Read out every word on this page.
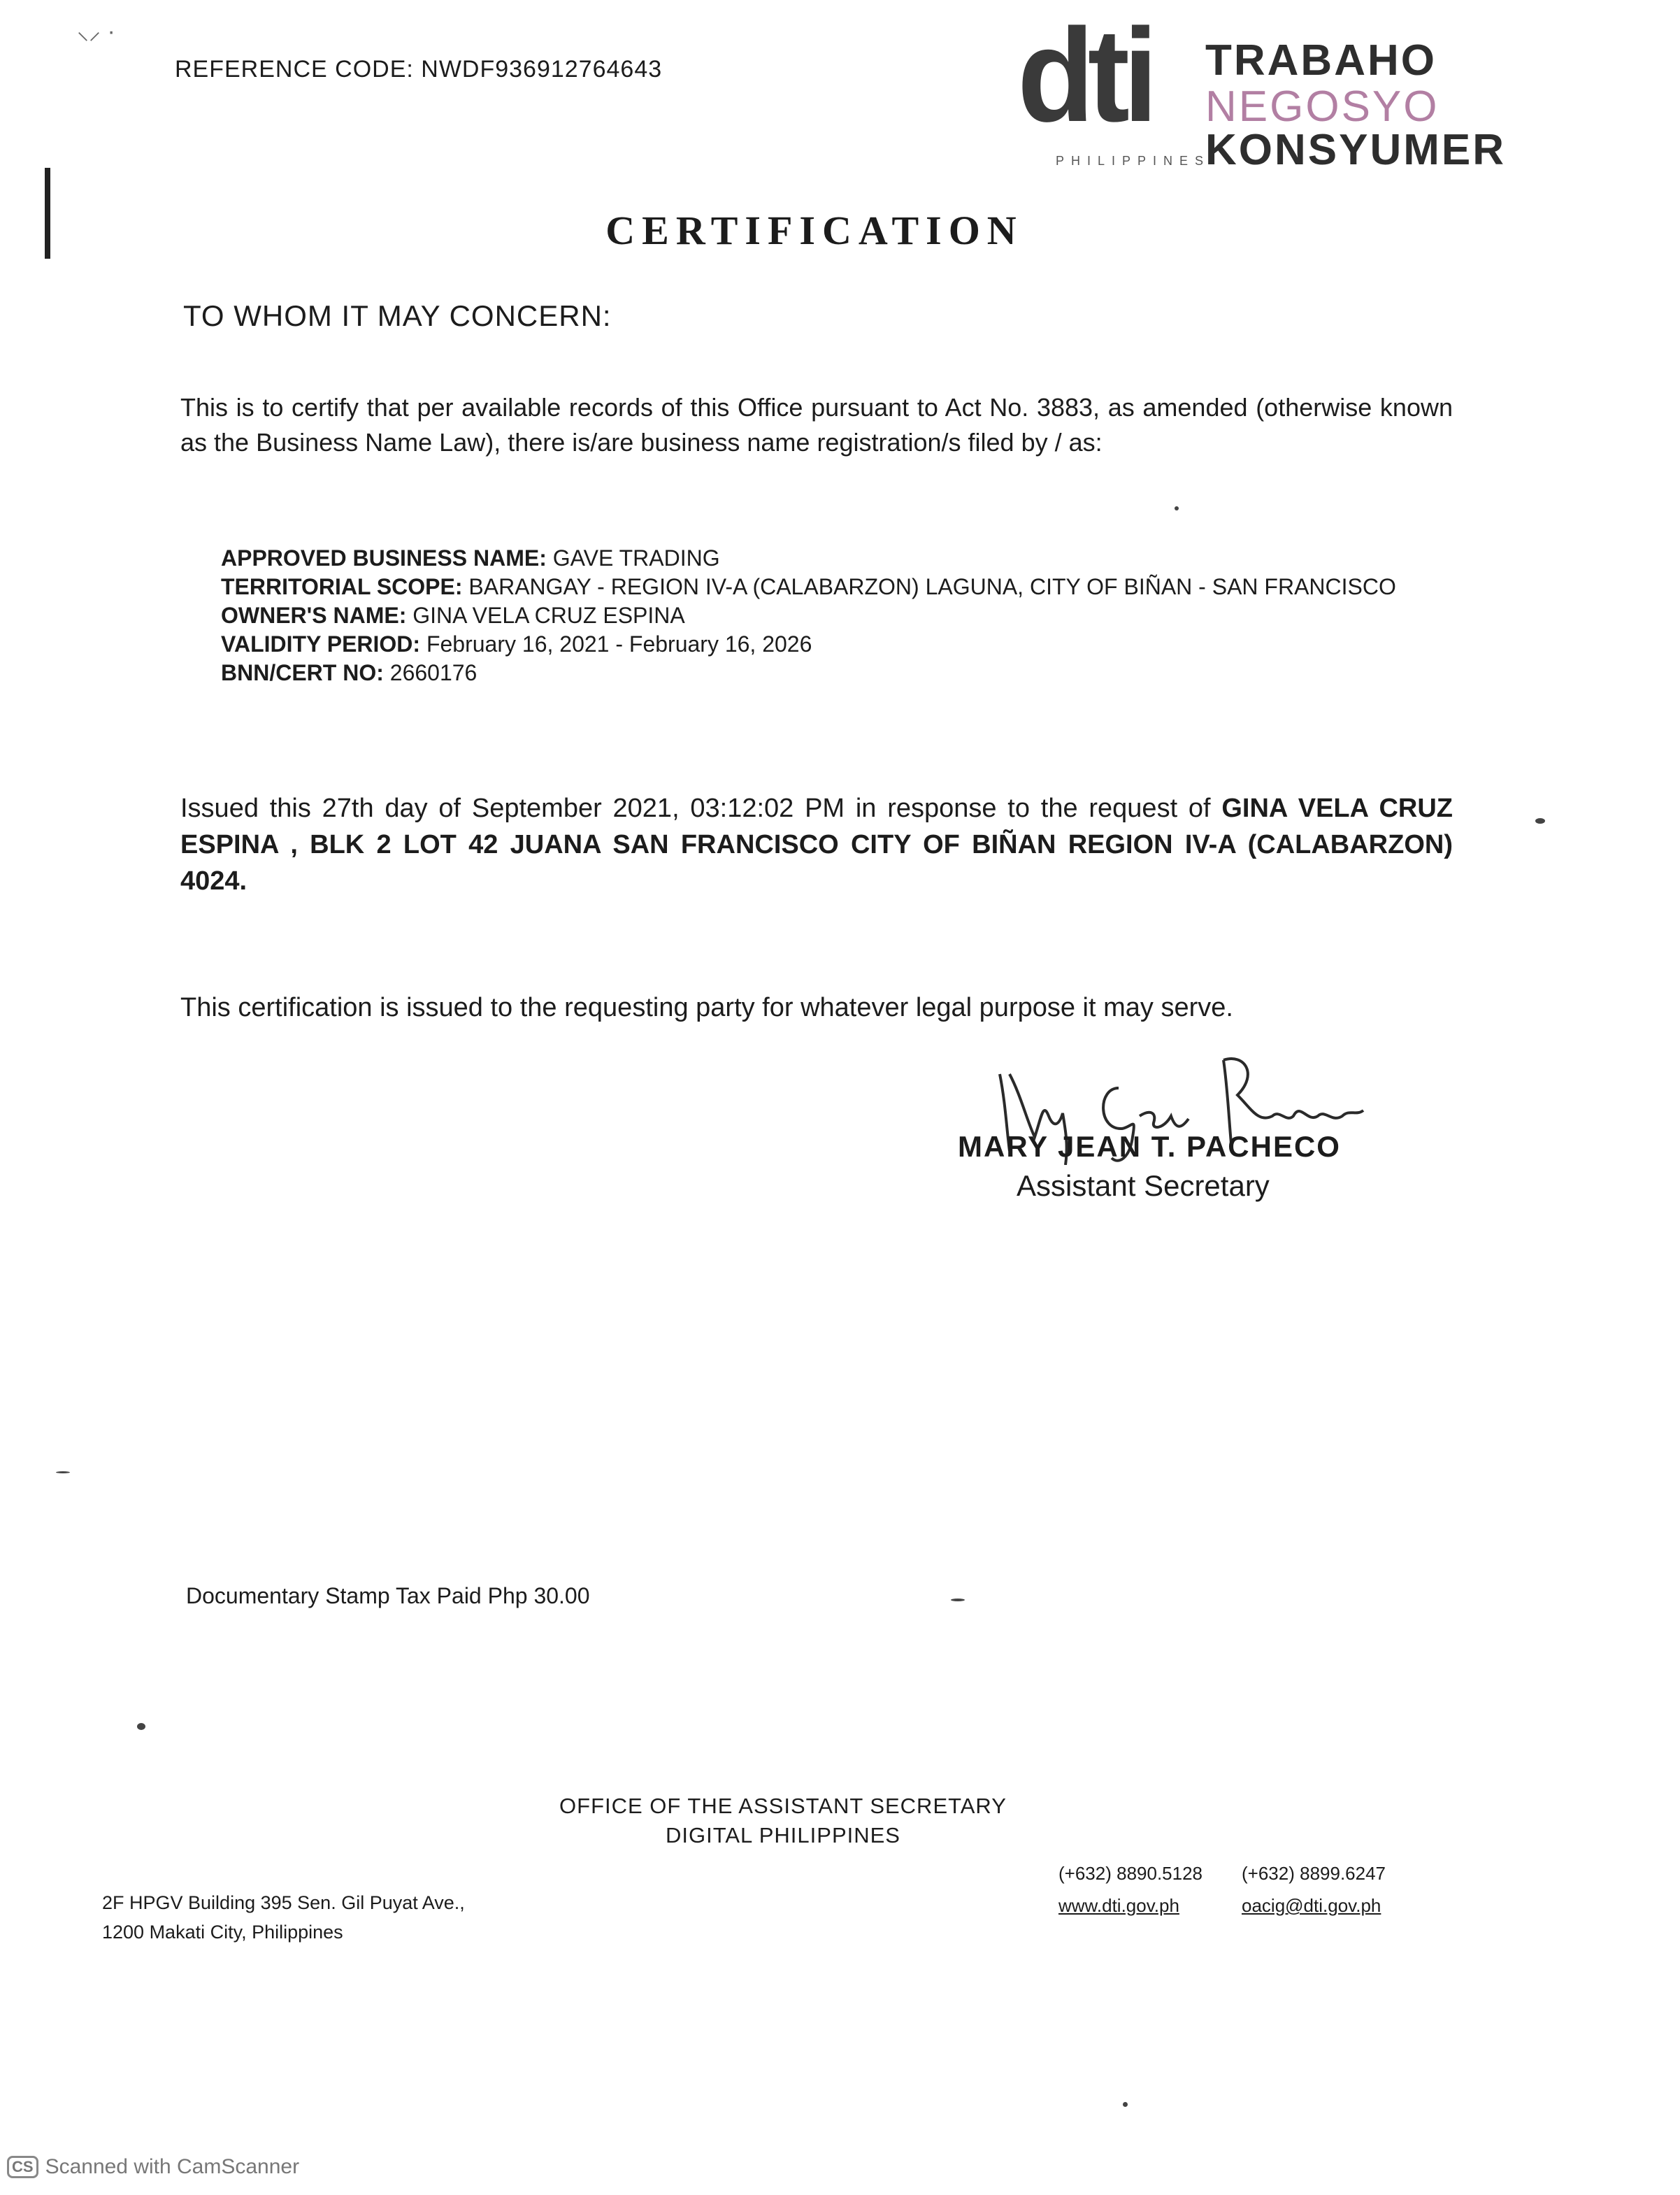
⸜⸝ ·
REFERENCE CODE: NWDF936912764643	dti
PHILIPPINES
TRABAHO
NEGOSYO
KONSYUMER
CERTIFICATION
TO WHOM IT MAY CONCERN:
This is to certify that per available records of this Office pursuant to Act No. 3883, as amended (otherwise known as the Business Name Law), there is/are business name registration/s filed by / as:
APPROVED BUSINESS NAME: GAVE TRADING
TERRITORIAL SCOPE: BARANGAY - REGION IV-A (CALABARZON) LAGUNA, CITY OF BIÑAN - SAN FRANCISCO
OWNER'S NAME: GINA VELA CRUZ ESPINA
VALIDITY PERIOD: February 16, 2021 - February 16, 2026
BNN/CERT NO: 2660176
Issued this 27th day of September 2021, 03:12:02 PM in response to the request of GINA VELA CRUZ ESPINA , BLK 2 LOT 42 JUANA SAN FRANCISCO CITY OF BIÑAN REGION IV-A (CALABARZON) 4024.
This certification is issued to the requesting party for whatever legal purpose it may serve.
MARY JEAN T. PACHECO
Assistant Secretary
Documentary Stamp Tax Paid Php 30.00
OFFICE OF THE ASSISTANT SECRETARY
DIGITAL PHILIPPINES
2F HPGV Building 395 Sen. Gil Puyat Ave.,
1200 Makati City, Philippines
(+632) 8890.5128
www.dti.gov.ph
(+632) 8899.6247
oacig@dti.gov.ph
CS Scanned with CamScanner
